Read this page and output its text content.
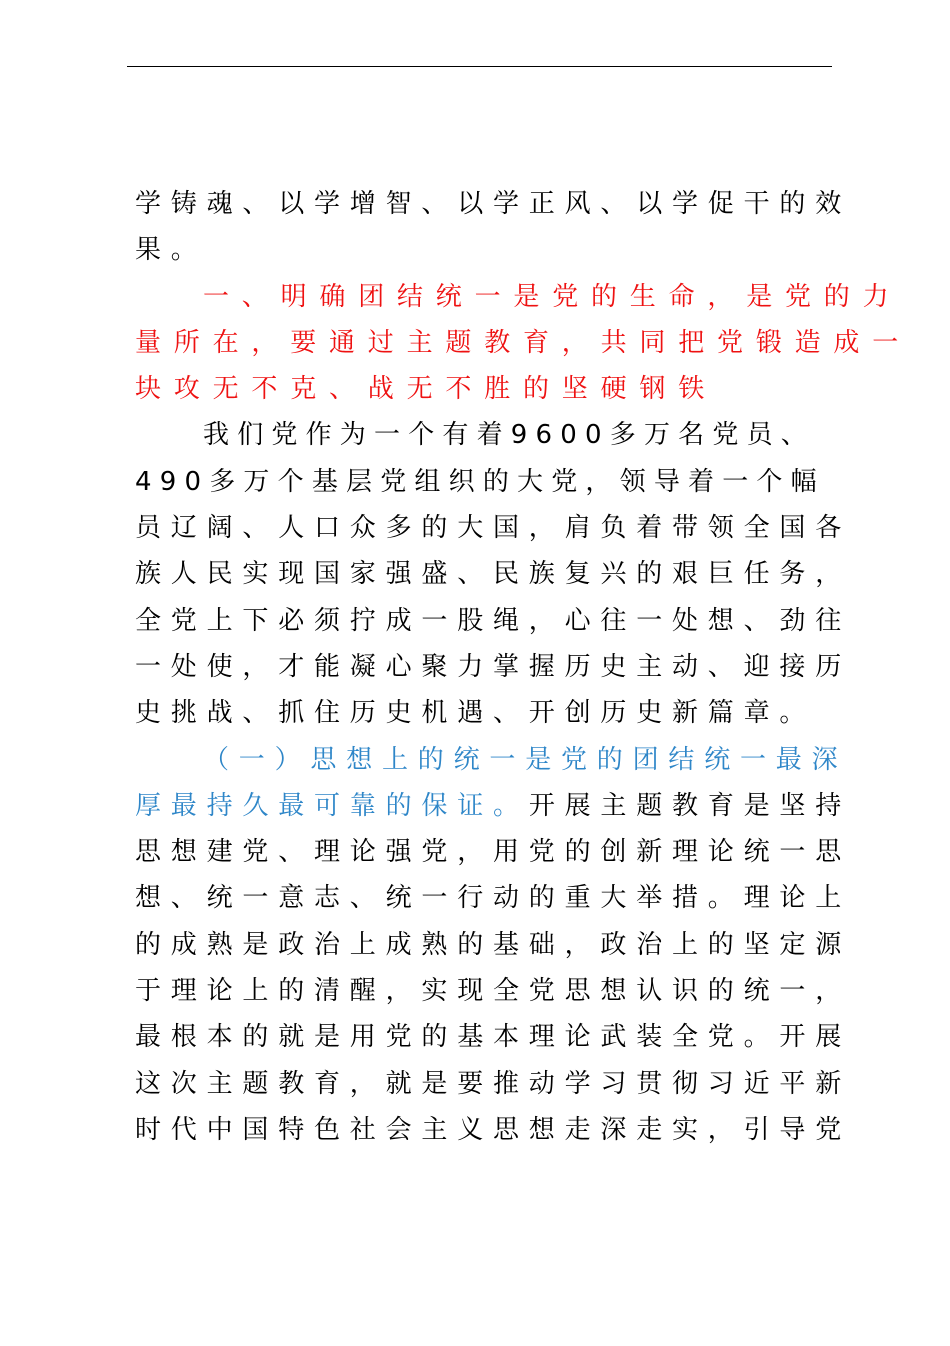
学铸魂、以学增智、以学正风、以学促干的效
果。
一、明确团结统一是党的生命，是党的力
量所在，要通过主题教育，共同把党锻造成一
块攻无不克、战无不胜的坚硬钢铁
我们党作为一个有着9600多万名党员、
490多万个基层党组织的大党，领导着一个幅
员辽阔、人口众多的大国，肩负着带领全国各
族人民实现国家强盛、民族复兴的艰巨任务，
全党上下必须拧成一股绳，心往一处想、劲往
一处使，才能凝心聚力掌握历史主动、迎接历
史挑战、抓住历史机遇、开创历史新篇章。
（一）思想上的统一是党的团结统一最深
厚最持久最可靠的保证。开展主题教育是坚持
思想建党、理论强党，用党的创新理论统一思
想、统一意志、统一行动的重大举措。理论上
的成熟是政治上成熟的基础，政治上的坚定源
于理论上的清醒，实现全党思想认识的统一，
最根本的就是用党的基本理论武装全党。开展
这次主题教育，就是要推动学习贯彻习近平新
时代中国特色社会主义思想走深走实，引导党
